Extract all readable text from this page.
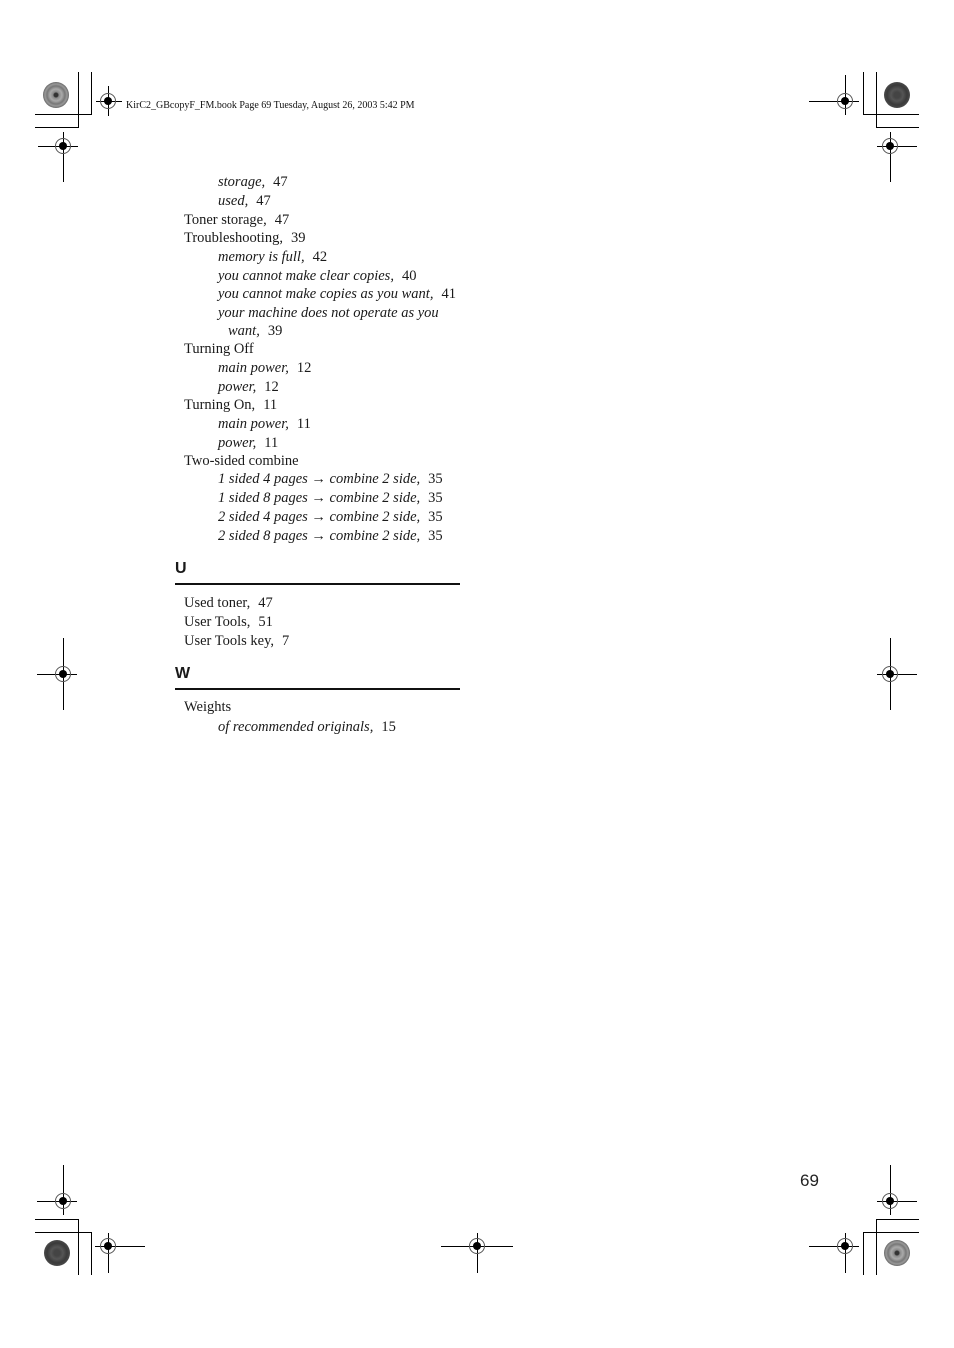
KirC2_GBcopyF_FM.book Page 69 Tuesday, August 26, 2003 5:42 PM
storage, 47
used, 47
Toner storage, 47
Troubleshooting, 39
memory is full, 42
you cannot make clear copies, 40
you cannot make copies as you want, 41
your machine does not operate as you
want, 39
Turning Off
main power, 12
power, 12
Turning On, 11
main power, 11
power, 11
Two-sided combine
1 sided 4 pages → combine 2 side, 35
1 sided 8 pages → combine 2 side, 35
2 sided 4 pages → combine 2 side, 35
2 sided 8 pages → combine 2 side, 35
U
Used toner, 47
User Tools, 51
User Tools key, 7
W
Weights
of recommended originals, 15
69
